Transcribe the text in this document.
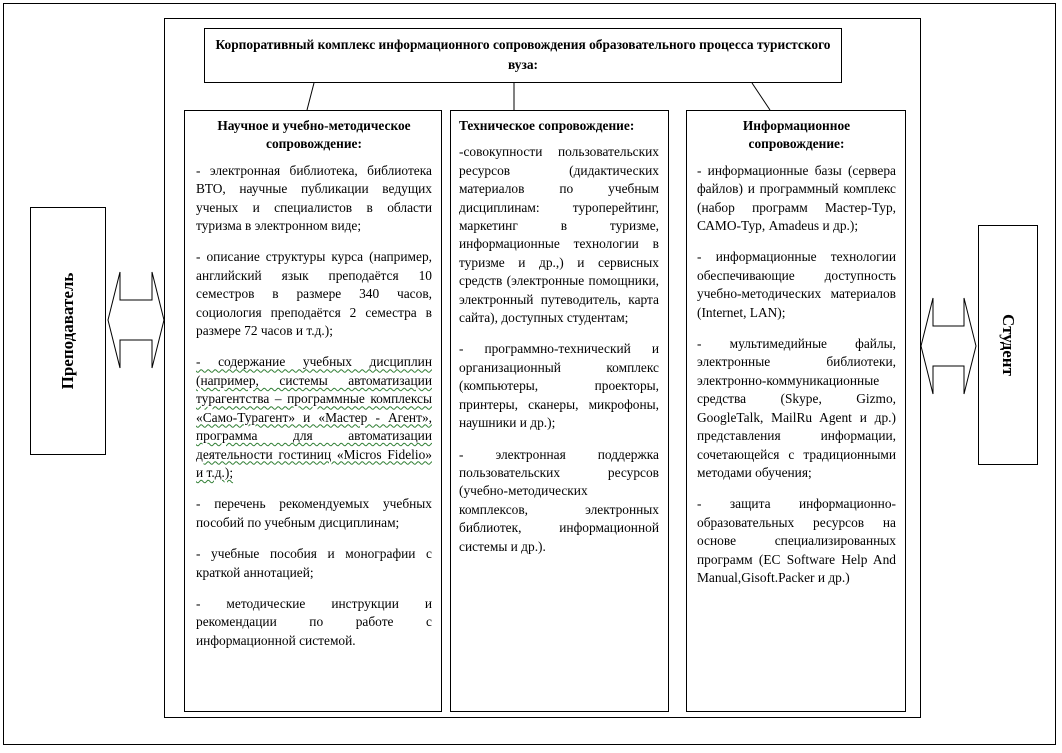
Корпоративный комплекс информационного сопровождения образовательного процесса туристского вуза:
Преподаватель	Студент
Научное и учебно-методическое сопровождение:

- электронная библиотека, библиотека ВТО, научные публикации ведущих ученых и специалистов в области туризма в электронном виде;

- описание структуры курса (например, английский язык преподаётся 10 семестров в размере 340 часов, социология преподаётся 2 семестра в размере 72 часов и т.д.);

- содержание учебных дисциплин (например, системы автоматизации турагентства – программные комплексы «Само-Турагент» и «Мастер - Агент», программа для автоматизации деятельности гостиниц «Micros Fidelio» и т.д.);

- перечень рекомендуемых учебных пособий по учебным дисциплинам;

- учебные пособия и монографии с краткой аннотацией;

- методические инструкции и рекомендации по работе с информационной системой.

Техническое сопровождение:

-совокупности пользовательских ресурсов (дидактических материалов по учебным дисциплинам: туроперейтинг, маркетинг в туризме, информационные технологии в туризме и др.,) и сервисных средств (электронные помощники, электронный путеводитель, карта сайта), доступных студентам;

- программно-технический и организационный комплекс (компьютеры, проекторы, принтеры, сканеры, микрофоны, наушники и др.);

- электронная поддержка пользовательских ресурсов (учебно-методических комплексов, электронных библиотек, информационной системы и др.).

Информационное сопровождение:

- информационные базы (сервера файлов) и программный комплекс (набор программ Мастер-Тур, САМО-Тур, Amadeus и др.);

- информационные технологии обеспечивающие доступность учебно-методических материалов (Internet, LAN);

- мультимедийные файлы, электронные библиотеки, электронно-коммуникационные средства (Skype, Gizmo, GoogleTalk, MailRu Agent и др.) представления информации, сочетающейся с традиционными методами обучения;

- защита информационно-образовательных ресурсов на основе специализированных программ (EC Software Help And Manual,Gisoft.Packer и др.)
